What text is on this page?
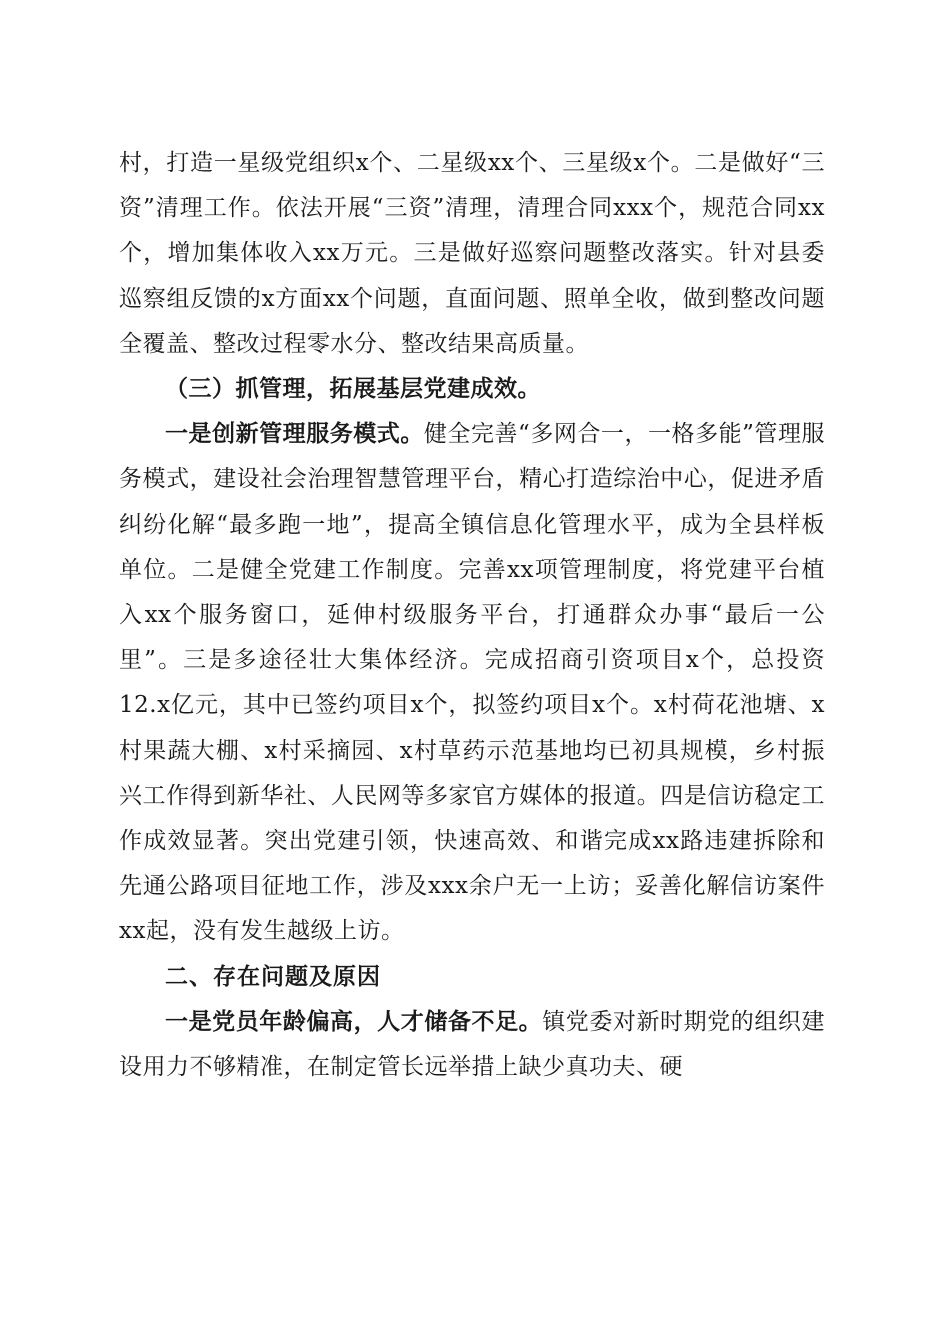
村，打造一星级党组织x个、二星级xx个、三星级x个。二是做好“三资”清理工作。依法开展“三资”清理，清理合同xxx个，规范合同xx个，增加集体收入xx万元。三是做好巡察问题整改落实。针对县委巡察组反馈的x方面xx个问题，直面问题、照单全收，做到整改问题全覆盖、整改过程零水分、整改结果高质量。

（三）抓管理，拓展基层党建成效。

一是创新管理服务模式。健全完善“多网合一，一格多能”管理服务模式，建设社会治理智慧管理平台，精心打造综治中心，促进矛盾纠纷化解“最多跑一地”，提高全镇信息化管理水平，成为全县样板单位。二是健全党建工作制度。完善xx项管理制度，将党建平台植入xx个服务窗口，延伸村级服务平台，打通群众办事“最后一公里”。三是多途径壮大集体经济。完成招商引资项目x个，总投资12.x亿元，其中已签约项目x个，拟签约项目x个。x村荷花池塘、x村果蔬大棚、x村采摘园、x村草药示范基地均已初具规模，乡村振兴工作得到新华社、人民网等多家官方媒体的报道。四是信访稳定工作成效显著。突出党建引领，快速高效、和谐完成xx路违建拆除和先通公路项目征地工作，涉及xxx余户无一上访；妥善化解信访案件xx起，没有发生越级上访。

二、存在问题及原因

一是党员年龄偏高，人才储备不足。镇党委对新时期党的组织建设用力不够精准，在制定管长远举措上缺少真功夫、硬
